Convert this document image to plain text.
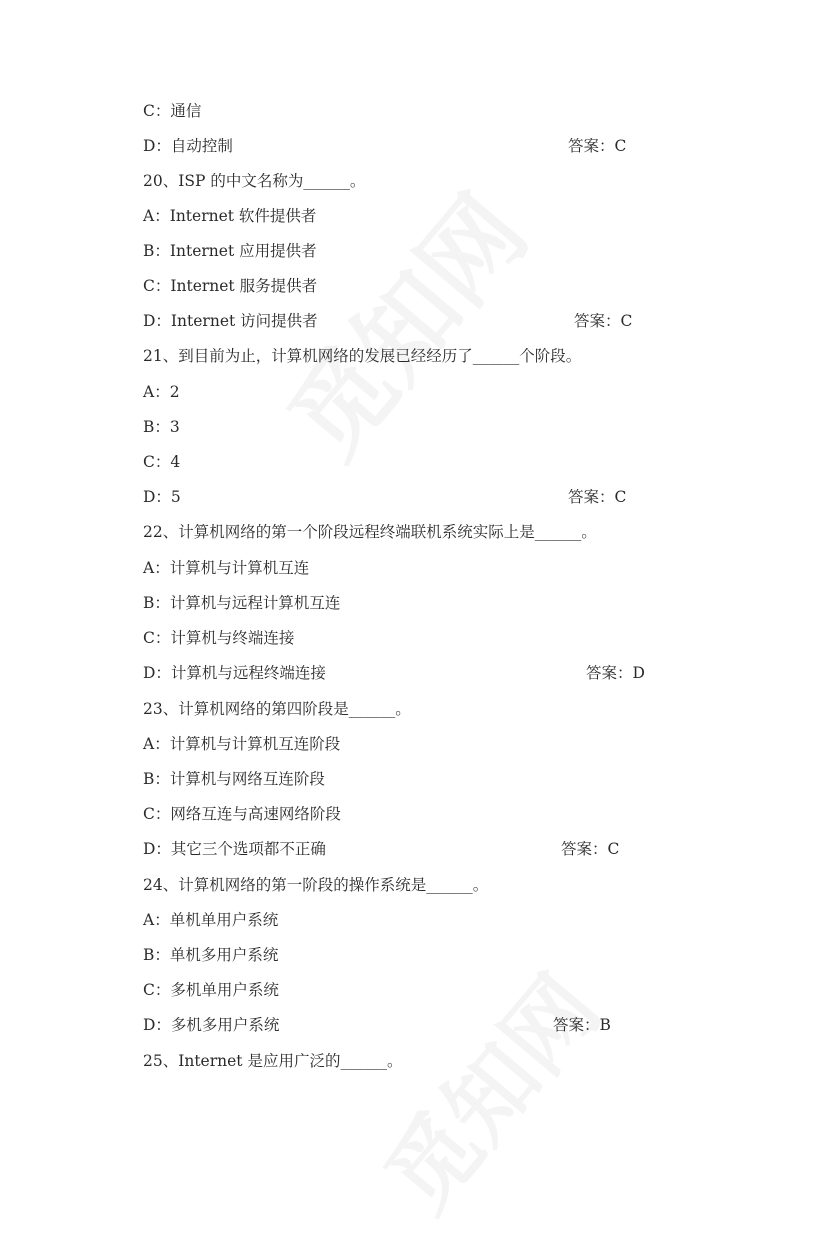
C：通信
D：自动控制	答案：C
20、ISP 的中文名称为______。
A：Internet 软件提供者
B：Internet 应用提供者
C：Internet 服务提供者
D：Internet 访问提供者	答案：C
21、到目前为止，计算机网络的发展已经经历了______个阶段。
A：2
B：3
C：4
D：5	答案：C
22、计算机网络的第一个阶段远程终端联机系统实际上是______。
A：计算机与计算机互连
B：计算机与远程计算机互连
C：计算机与终端连接
D：计算机与远程终端连接	答案：D
23、计算机网络的第四阶段是______。
A：计算机与计算机互连阶段
B：计算机与网络互连阶段
C：网络互连与高速网络阶段
D：其它三个选项都不正确	答案：C
24、计算机网络的第一阶段的操作系统是______。
A：单机单用户系统
B：单机多用户系统
C：多机单用户系统
D：多机多用户系统	答案：B
25、Internet 是应用广泛的______。
